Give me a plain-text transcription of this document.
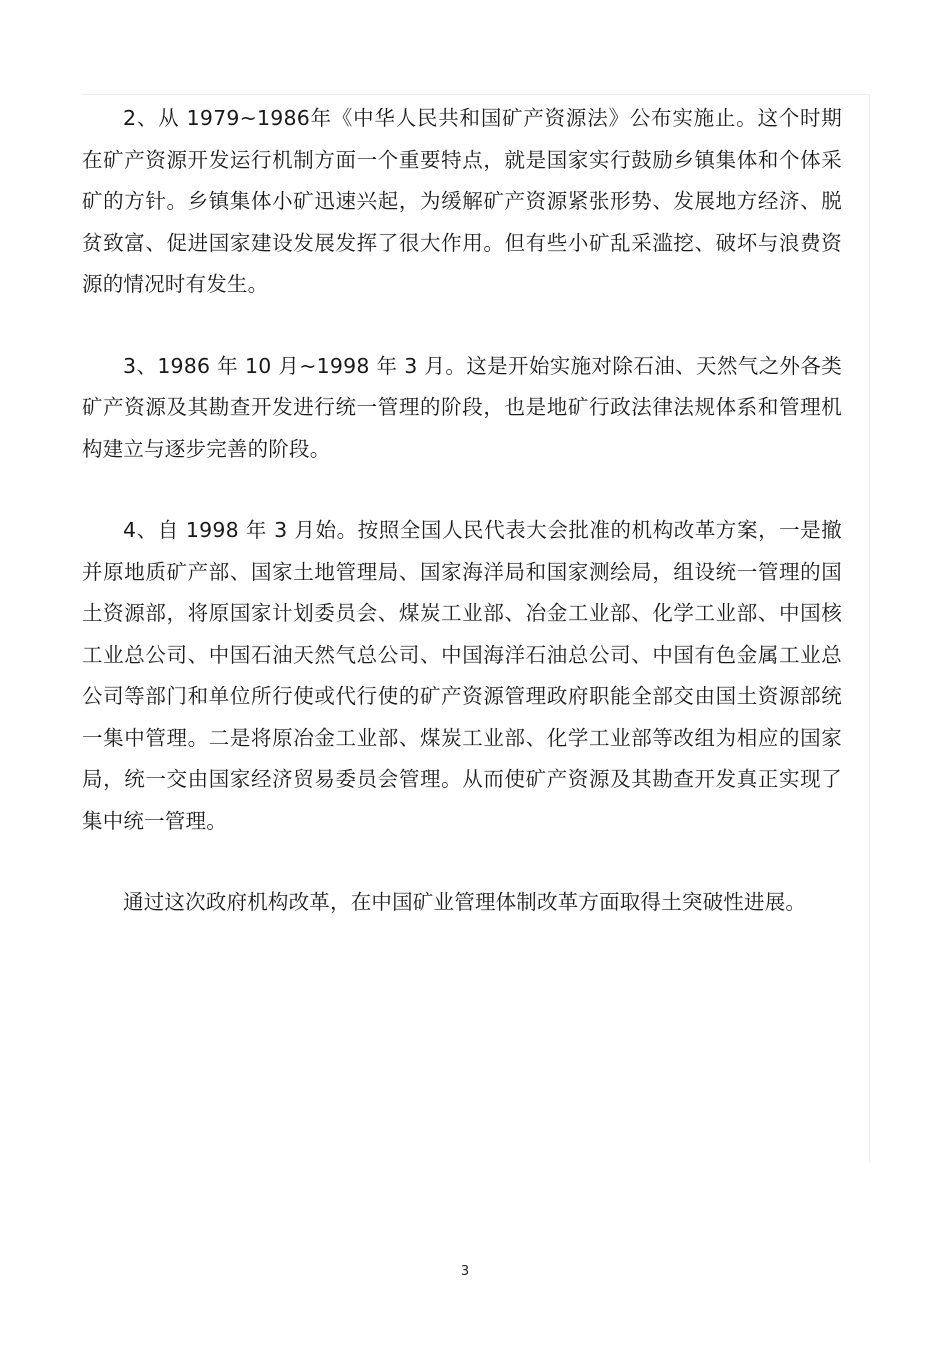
2、从 1979~1986年《中华人民共和国矿产资源法》公布实施止。这个时期在矿产资源开发运行机制方面一个重要特点，就是国家实行鼓励乡镇集体和个体采矿的方针。乡镇集体小矿迅速兴起，为缓解矿产资源紧张形势、发展地方经济、脱贫致富、促进国家建设发展发挥了很大作用。但有些小矿乱采滥挖、破坏与浪费资源的情况时有发生。

3、1986 年 10 月~1998 年 3 月。这是开始实施对除石油、天然气之外各类矿产资源及其勘查开发进行统一管理的阶段，也是地矿行政法律法规体系和管理机构建立与逐步完善的阶段。

4、自 1998 年 3 月始。按照全国人民代表大会批准的机构改革方案，一是撤并原地质矿产部、国家土地管理局、国家海洋局和国家测绘局，组设统一管理的国土资源部，将原国家计划委员会、煤炭工业部、冶金工业部、化学工业部、中国核工业总公司、中国石油天然气总公司、中国海洋石油总公司、中国有色金属工业总公司等部门和单位所行使或代行使的矿产资源管理政府职能全部交由国土资源部统一集中管理。二是将原冶金工业部、煤炭工业部、化学工业部等改组为相应的国家局，统一交由国家经济贸易委员会管理。从而使矿产资源及其勘查开发真正实现了集中统一管理。

通过这次政府机构改革，在中国矿业管理体制改革方面取得土突破性进展。

3
